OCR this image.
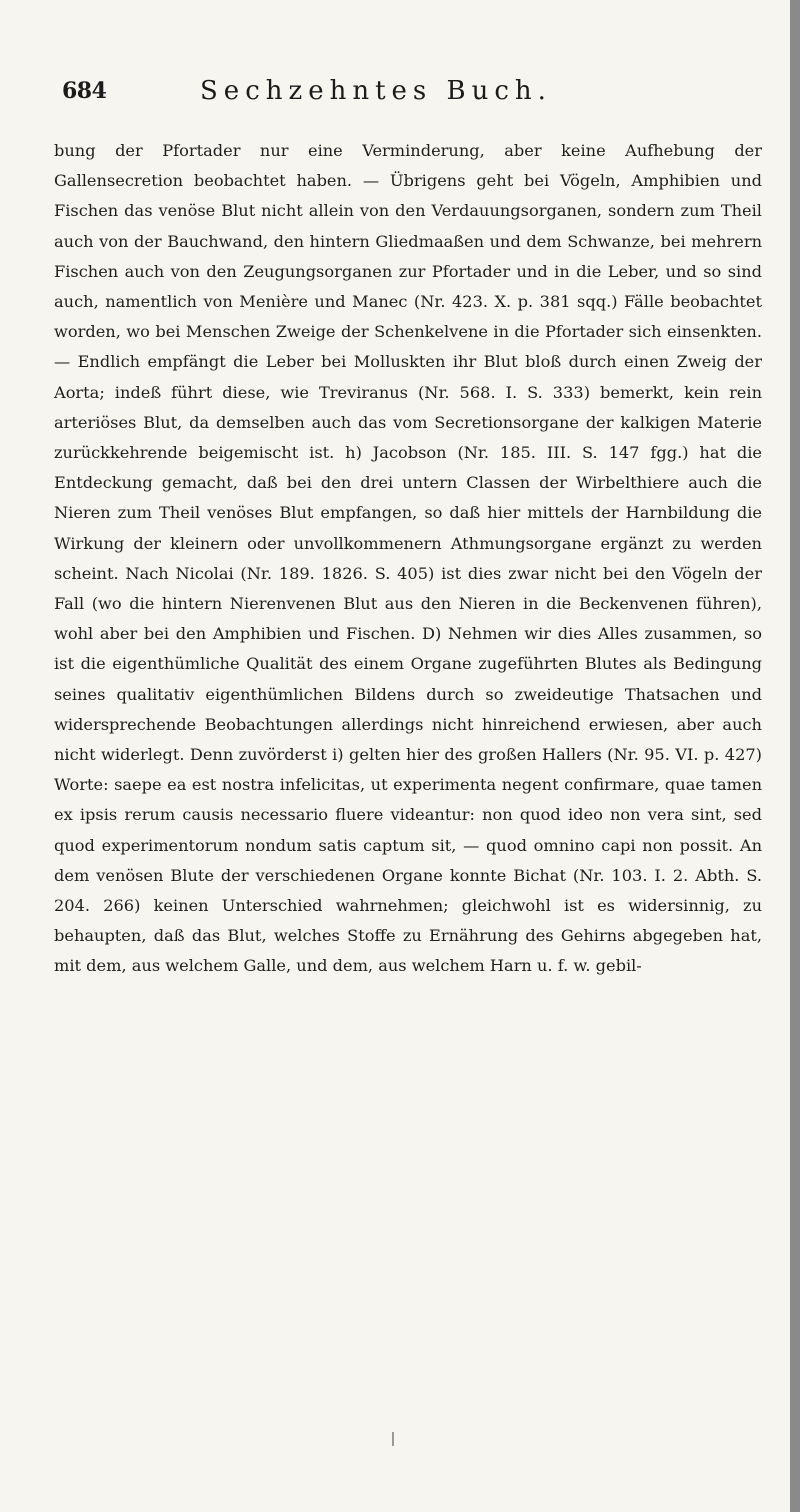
684	Sechzehntes Buch.

bung der Pfortader nur eine Verminderung, aber keine Aufhebung der Gallensecretion beobachtet haben. — Übrigens geht bei Vögeln, Amphibien und Fischen das venöse Blut nicht allein von den Verdauungsorganen, sondern zum Theil auch von der Bauchwand, den hintern Gliedmaaßen und dem Schwanze, bei mehrern Fischen auch von den Zeugungsorganen zur Pfortader und in die Leber, und so sind auch, namentlich von Menière und Manec (Nr. 423. X. p. 381 sqq.) Fälle beobachtet worden, wo bei Menschen Zweige der Schenkelvene in die Pfortader sich einsenkten. — Endlich empfängt die Leber bei Molluskten ihr Blut bloß durch einen Zweig der Aorta; indeß führt diese, wie Treviranus (Nr. 568. I. S. 333) bemerkt, kein rein arteriöses Blut, da demselben auch das vom Secretionsorgane der kalkigen Materie zurückkehrende beigemischt ist. h) Jacobson (Nr. 185. III. S. 147 fgg.) hat die Entdeckung gemacht, daß bei den drei untern Classen der Wirbelthiere auch die Nieren zum Theil venöses Blut empfangen, so daß hier mittels der Harnbildung die Wirkung der kleinern oder unvollkommenern Athmungsorgane ergänzt zu werden scheint. Nach Nicolai (Nr. 189. 1826. S. 405) ist dies zwar nicht bei den Vögeln der Fall (wo die hintern Nierenvenen Blut aus den Nieren in die Beckenvenen führen), wohl aber bei den Amphibien und Fischen. D) Nehmen wir dies Alles zusammen, so ist die eigenthümliche Qualität des einem Organe zugeführten Blutes als Bedingung seines qualitativ eigenthümlichen Bildens durch so zweideutige Thatsachen und widersprechende Beobachtungen allerdings nicht hinreichend erwiesen, aber auch nicht widerlegt. Denn zuvörderst i) gelten hier des großen Hallers (Nr. 95. VI. p. 427) Worte: saepe ea est nostra infelicitas, ut experimenta negent confirmare, quae tamen ex ipsis rerum causis necessario fluere videantur: non quod ideo non vera sint, sed quod experimentorum nondum satis captum sit, — quod omnino capi non possit. An dem venösen Blute der verschiedenen Organe konnte Bichat (Nr. 103. I. 2. Abth. S. 204. 266) keinen Unterschied wahrnehmen; gleichwohl ist es widersinnig, zu behaupten, daß das Blut, welches Stoffe zu Ernährung des Gehirns abgegeben hat, mit dem, aus welchem Galle, und dem, aus welchem Harn u. f. w. gebil-
